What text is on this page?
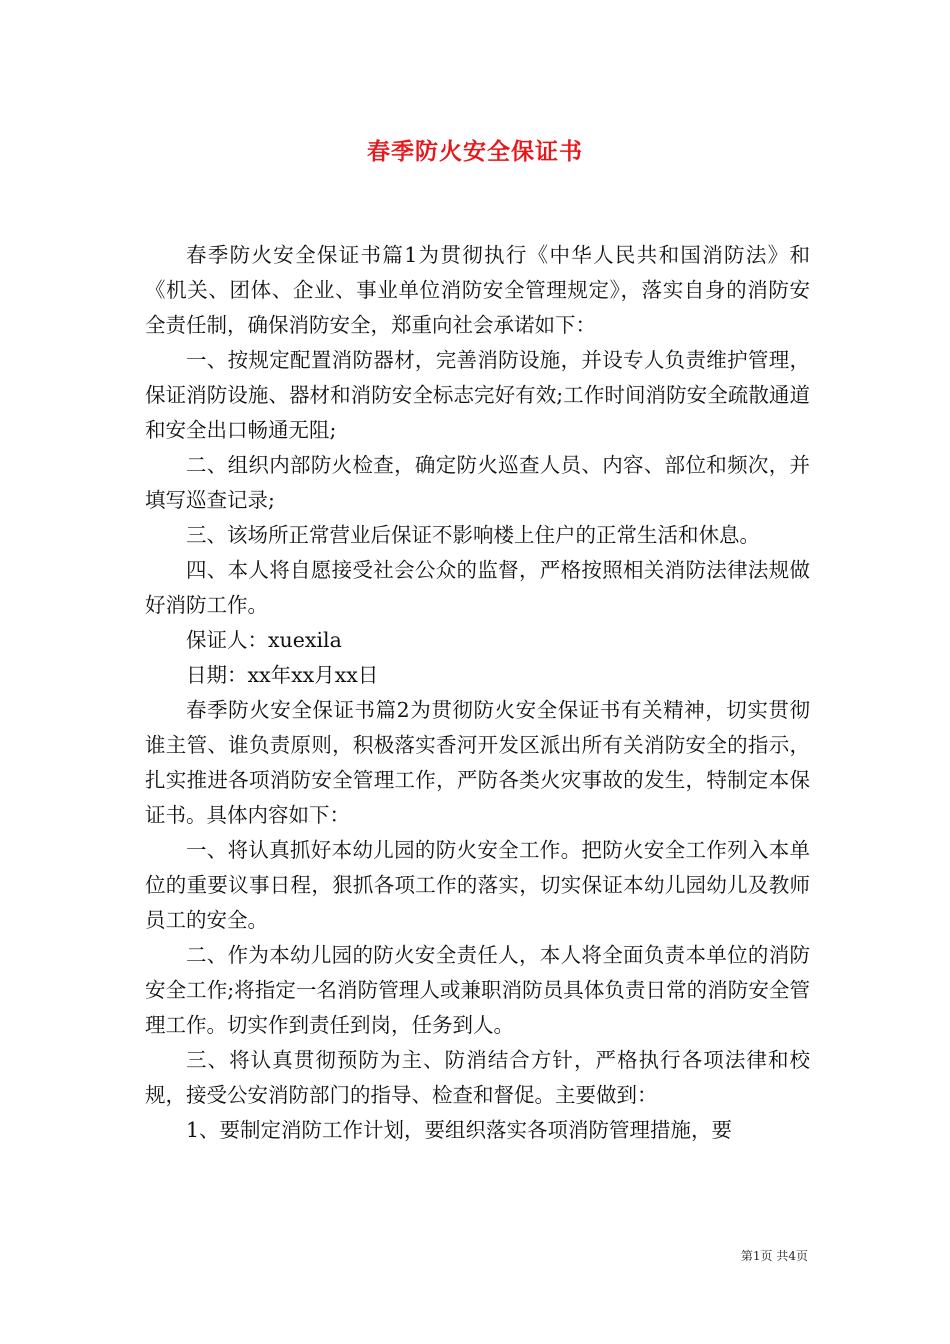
春季防火安全保证书

春季防火安全保证书篇1为贯彻执行《中华人民共和国消防法》和《机关、团体、企业、事业单位消防安全管理规定》，落实自身的消防安全责任制，确保消防安全，郑重向社会承诺如下：

一、按规定配置消防器材，完善消防设施，并设专人负责维护管理，保证消防设施、器材和消防安全标志完好有效;工作时间消防安全疏散通道和安全出口畅通无阻;

二、组织内部防火检查，确定防火巡查人员、内容、部位和频次，并填写巡查记录;

三、该场所正常营业后保证不影响楼上住户的正常生活和休息。

四、本人将自愿接受社会公众的监督，严格按照相关消防法律法规做好消防工作。

保证人：xuexila

日期：xx年xx月xx日

春季防火安全保证书篇2为贯彻防火安全保证书有关精神，切实贯彻谁主管、谁负责原则，积极落实香河开发区派出所有关消防安全的指示，扎实推进各项消防安全管理工作，严防各类火灾事故的发生，特制定本保证书。具体内容如下：

一、将认真抓好本幼儿园的防火安全工作。把防火安全工作列入本单位的重要议事日程，狠抓各项工作的落实，切实保证本幼儿园幼儿及教师员工的安全。

二、作为本幼儿园的防火安全责任人，本人将全面负责本单位的消防安全工作;将指定一名消防管理人或兼职消防员具体负责日常的消防安全管理工作。切实作到责任到岗，任务到人。

三、将认真贯彻预防为主、防消结合方针，严格执行各项法律和校规，接受公安消防部门的指导、检查和督促。主要做到：

1、要制定消防工作计划，要组织落实各项消防管理措施，要

第1页 共4页
